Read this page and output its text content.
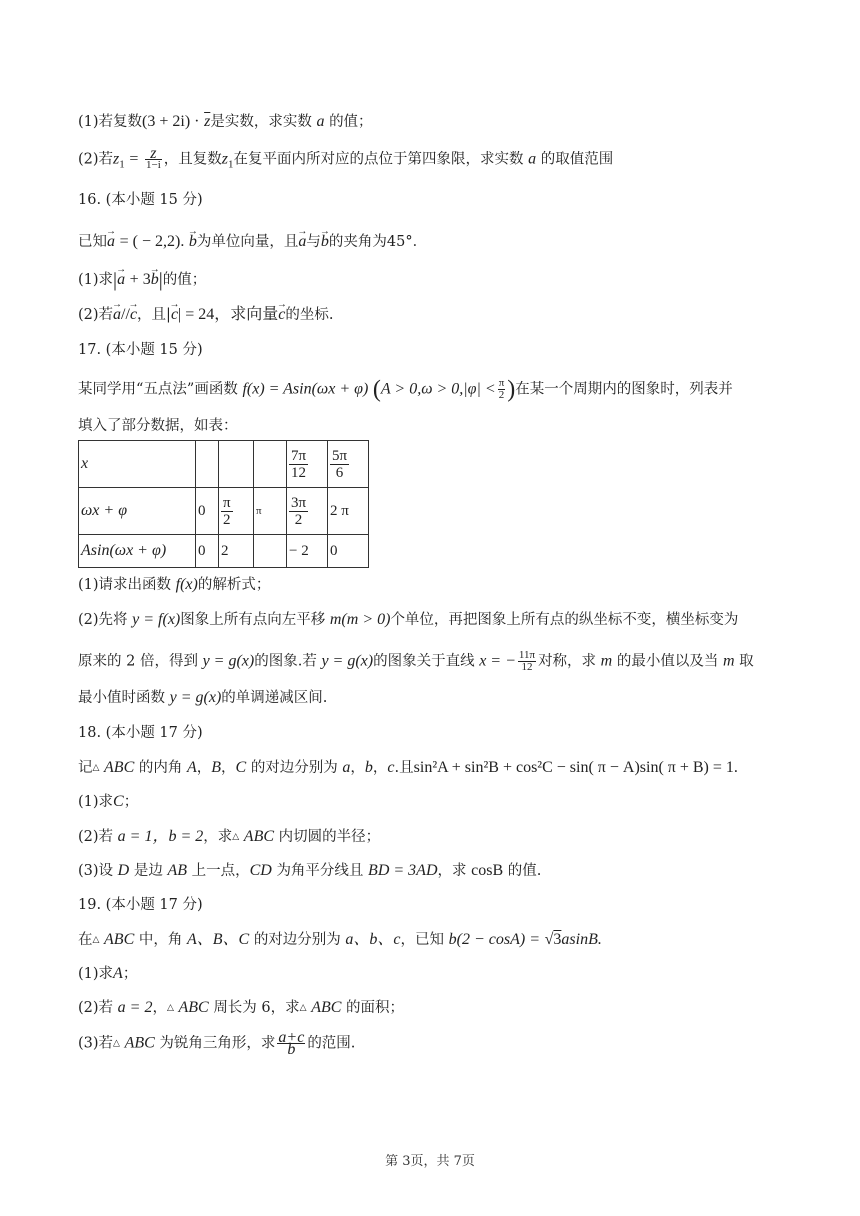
(1)若复数$(3 + 2i) \cdot \overline{z}$是实数，求实数 a 的值；
(2)若$z_1 = \frac{z}{1-i}$ ，且复数$z_1$在复平面内所对应的点位于第四象限，求实数 a 的取值范围
16. (本小题 15 分)
已知→ a = ( − 2,2). → b为单位向量，且→ a与→ b的夹角为45°．
(1)求|→ a + 3→ b|的值；
(2)若→ a//→ c，且|→ c| = 24，求向量→ c的坐标.
17. (本小题 15 分)
某同学用“五点法”画函数 f(x) = Asin(ωx + φ) ($A > 0,\omega > 0,|\varphi| < \frac{\pi}{2}$ )在某一个周期内的图象时，列表并
填入了部分数据，如表：
x				$\frac{7\pi}{12}$	$\frac{5\pi}{6}$

ωx + φ	0	$\frac{\pi}{2}$	π	$\frac{3\pi}{2}$	2 π
Asin(ωx + φ)	0	2		− 2	0
(1)请求出函数 f(x)的解析式；
(2)先将 y = f(x)图象上所有点向左平移 m(m > 0)个单位，再把图象上所有点的纵坐标不变，横坐标变为
原来的 2 倍，得到 y = g(x)的图象.若 y = g(x)的图象关于直线 x = − $\frac{11\pi}{12}$ 对称，求 m 的最小值以及当 m 取
最小值时函数 y = g(x)的单调递减区间.
18. (本小题 17 分)
记△ ABC 的内角 A，B，C 的对边分别为 a，b，c.且sin²A + sin²B + cos²C − sin( π − A)sin( π + B) = 1.
(1)求C；
(2)若 a = 1，b = 2，求△ ABC 内切圆的半径；
(3)设 D 是边 AB 上一点，CD 为角平分线且 BD = 3AD，求 cosB 的值.
19. (本小题 17 分)
在△ ABC 中，角 A、B、C 的对边分别为 a、b、c，已知 b(2 − cosA) = √3asinB.
(1)求A；
(2)若 a = 2，△ ABC 周长为 6，求△ ABC 的面积；
(3)若△ ABC 为锐角三角形，求 $\frac{a+c}{b}$ 的范围.
第 3页，共 7页
